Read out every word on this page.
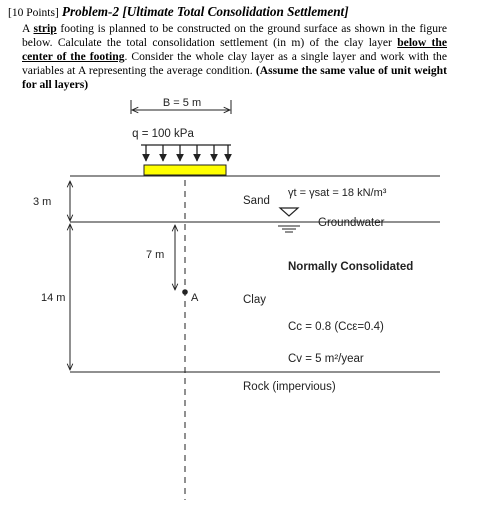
[10 Points] Problem-2 [Ultimate Total Consolidation Settlement]

A strip footing is planned to be constructed on the ground surface as shown in the figure below. Calculate the total consolidation settlement (in m) of the clay layer below the center of the footing. Consider the whole clay layer as a single layer and work with the variables at A representing the average condition. (Assume the same value of unit weight for all layers)

B = 5 m
q = 100 kPa
Sand
γt = γsat = 18 kN/m³
3 m
Groundwater
7 m
A
Normally Consolidated
Clay
14 m
Cc = 0.8 (Ccε=0.4)
Cv = 5 m²/year
Rock (impervious)
